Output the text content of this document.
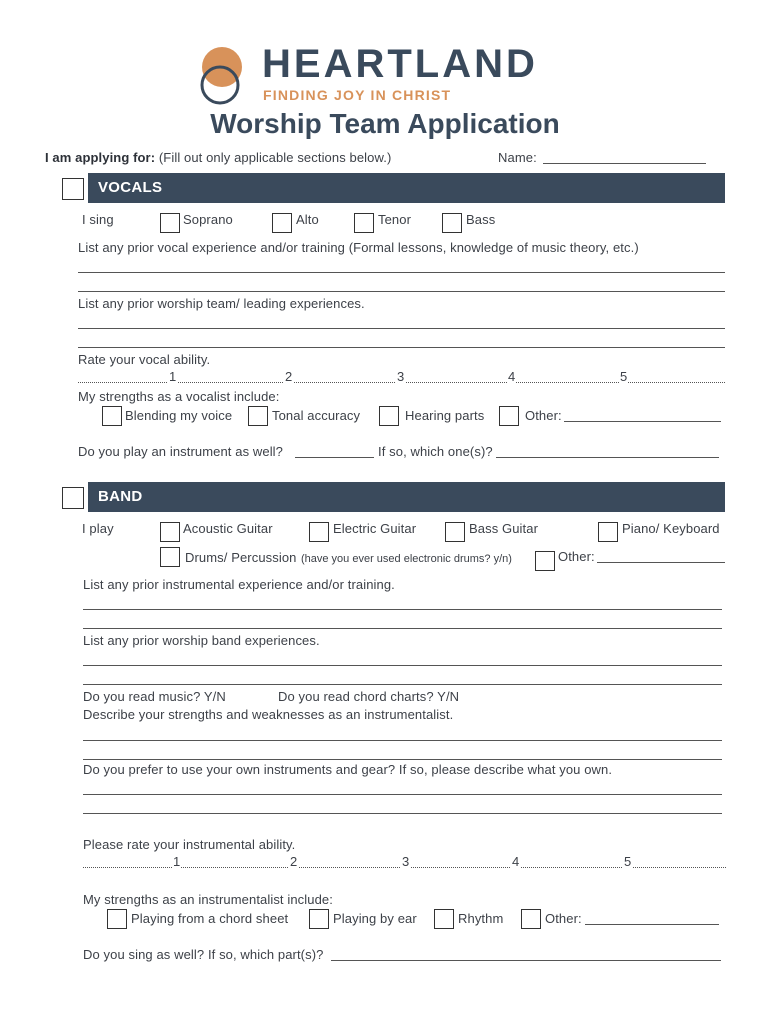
HEARTLAND
FINDING JOY IN CHRIST
Worship Team Application
I am applying for: (Fill out only applicable sections below.)	Name:
VOCALS
I sing	Soprano	Alto	Tenor	Bass
List any prior vocal experience and/or training (Formal lessons, knowledge of music theory, etc.)
List any prior worship team/ leading experiences.
Rate your vocal ability.
1	2	3	4	5
My strengths as a vocalist include:
Blending my voice	Tonal accuracy	Hearing parts	Other:
Do you play an instrument as well?	If so, which one(s)?
BAND
I play	Acoustic Guitar	Electric Guitar	Bass Guitar	Piano/ Keyboard
Drums/ Percussion (have you ever used electronic drums? y/n)	Other:
List any prior instrumental experience and/or training.
List any prior worship band experiences.
Do you read music? Y/N	Do you read chord charts? Y/N
Describe your strengths and weaknesses as an instrumentalist.
Do you prefer to use your own instruments and gear? If so, please describe what you own.
Please rate your instrumental ability.
1	2	3	4	5
My strengths as an instrumentalist include:
Playing from a chord sheet	Playing by ear	Rhythm	Other:
Do you sing as well? If so, which part(s)?
